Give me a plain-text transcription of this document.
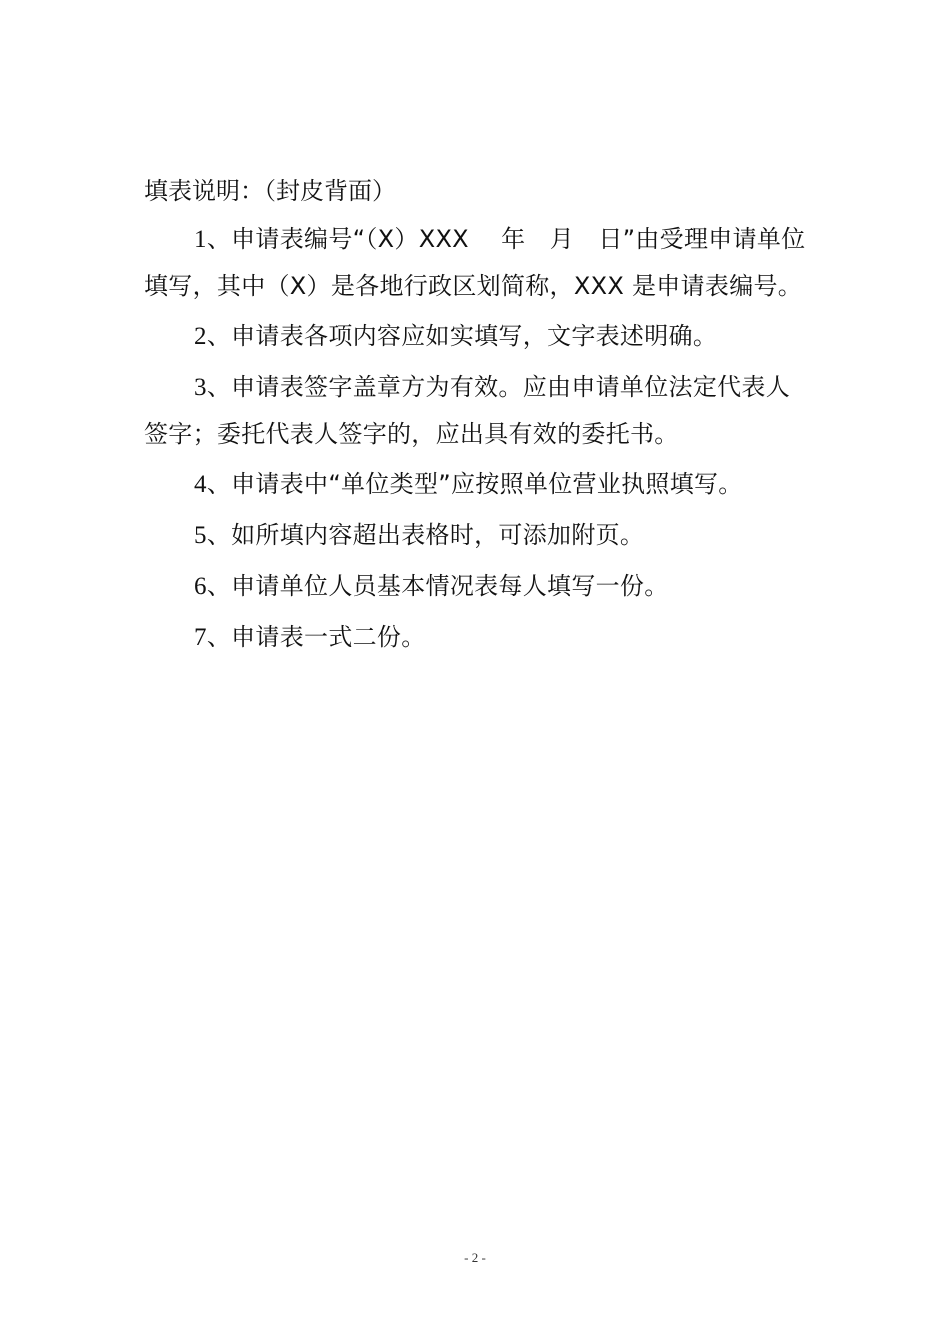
填表说明：（封皮背面）

1、申请表编号“（X）XXX　 年　月　日”由受理申请单位填写，其中（X）是各地行政区划简称，XXX 是申请表编号。

2、申请表各项内容应如实填写，文字表述明确。

3、申请表签字盖章方为有效。应由申请单位法定代表人签字；委托代表人签字的，应出具有效的委托书。

4、申请表中“单位类型”应按照单位营业执照填写。

5、如所填内容超出表格时，可添加附页。

6、申请单位人员基本情况表每人填写一份。

7、申请表一式二份。

- 2 -
